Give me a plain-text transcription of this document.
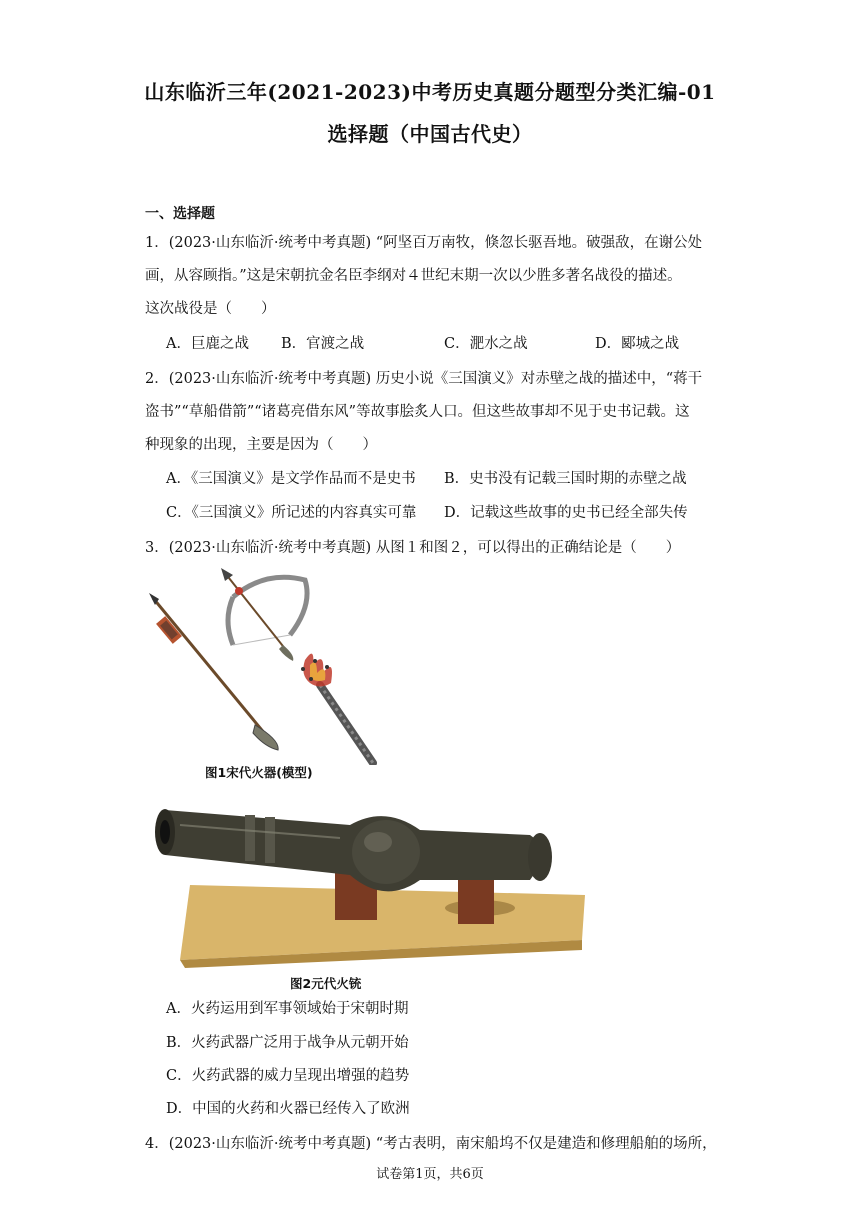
山东临沂三年(2021-2023)中考历史真题分题型分类汇编-01
选择题（中国古代史）
一、选择题
1．(2023·山东临沂·统考中考真题) “阿坚百万南牧，倏忽长驱吾地。破强敌，在谢公处
画，从容顾指。”这是宋朝抗金名臣李纲对４世纪末期一次以少胜多著名战役的描述。
这次战役是（　　）
A．巨鹿之战 B．官渡之战	C．淝水之战	D．郾城之战
2．(2023·山东临沂·统考中考真题) 历史小说《三国演义》对赤壁之战的描述中，“蒋干
盗书”“草船借箭”“诸葛亮借东风”等故事脍炙人口。但这些故事却不见于史书记载。这
种现象的出现，主要是因为（　　）
A．《三国演义》是文学作品而不是史书 B．史书没有记载三国时期的赤壁之战
C．《三国演义》所记述的内容真实可靠 D．记载这些故事的史书已经全部失传
3．(2023·山东临沂·统考中考真题) 从图１和图２，可以得出的正确结论是（　　）
图1宋代火器(模型)
图2元代火铳
A．火药运用到军事领域始于宋朝时期
B．火药武器广泛用于战争从元朝开始
C．火药武器的威力呈现出增强的趋势
D．中国的火药和火器已经传入了欧洲
4．(2023·山东临沂·统考中考真题) “考古表明，南宋船坞不仅是建造和修理船舶的场所，
试卷第1页，共6页
